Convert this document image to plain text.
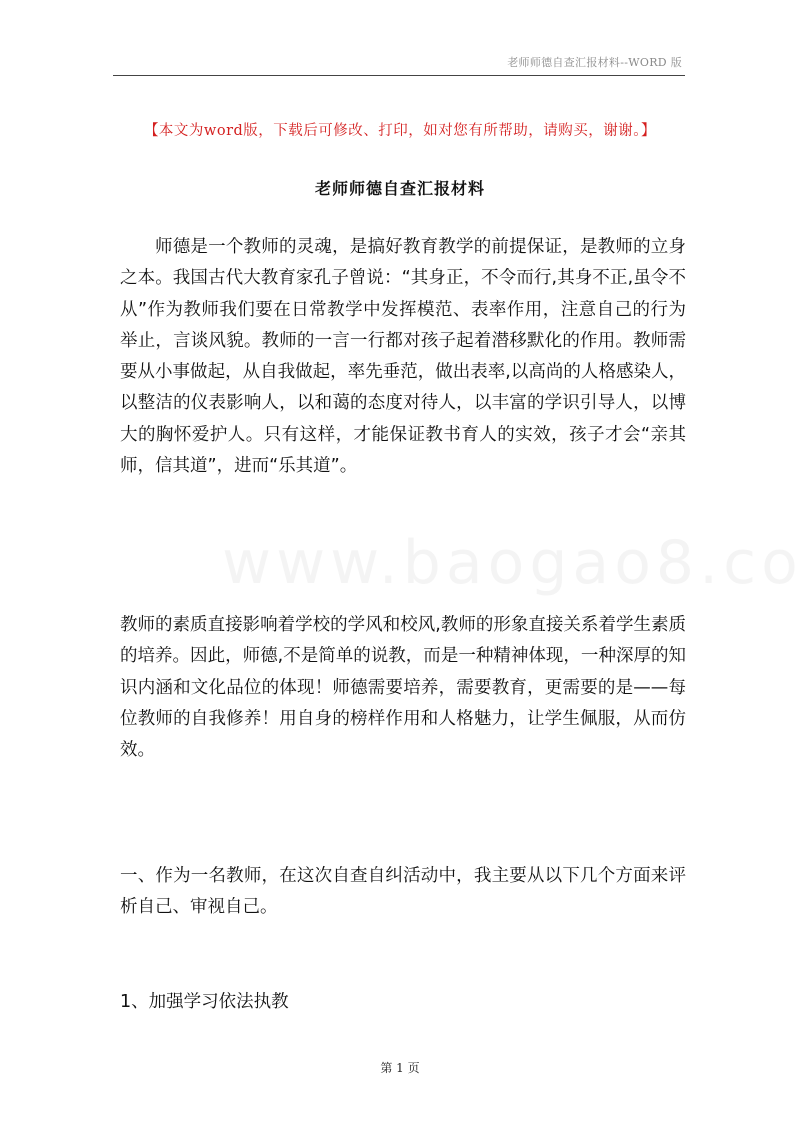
老师师德自查汇报材料--WORD 版
【本文为word版，下载后可修改、打印，如对您有所帮助，请购买，谢谢。】
老师师德自查汇报材料

师德是一个教师的灵魂，是搞好教育教学的前提保证，是教师的立身之本。我国古代大教育家孔子曾说：“其身正，不令而行,其身不正,虽令不从”作为教师我们要在日常教学中发挥模范、表率作用，注意自己的行为举止，言谈风貌。教师的一言一行都对孩子起着潜移默化的作用。教师需要从小事做起，从自我做起，率先垂范，做出表率,以高尚的人格感染人，以整洁的仪表影响人，以和蔼的态度对待人，以丰富的学识引导人，以博大的胸怀爱护人。只有这样，才能保证教书育人的实效，孩子才会“亲其师，信其道”，进而“乐其道”。

教师的素质直接影响着学校的学风和校风,教师的形象直接关系着学生素质的培养。因此，师德,不是简单的说教，而是一种精神体现，一种深厚的知识内涵和文化品位的体现！师德需要培养，需要教育，更需要的是——每位教师的自我修养！用自身的榜样作用和人格魅力，让学生佩服，从而仿效。

一、作为一名教师，在这次自查自纠活动中，我主要从以下几个方面来评析自己、审视自己。

1、加强学习依法执教

第 1 页
